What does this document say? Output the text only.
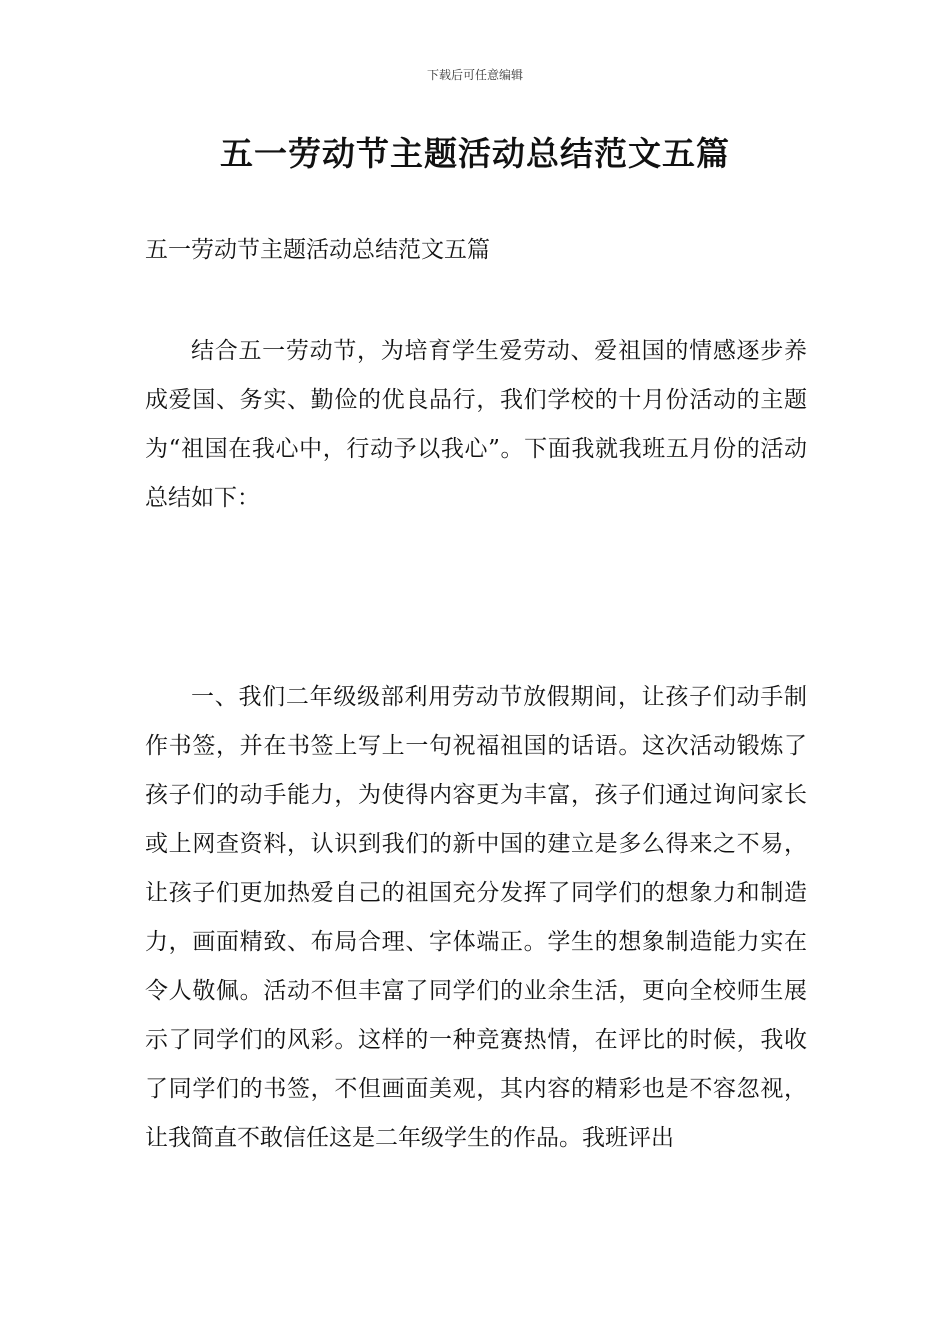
下载后可任意编辑
五一劳动节主题活动总结范文五篇

五一劳动节主题活动总结范文五篇

结合五一劳动节，为培育学生爱劳动、爱祖国的情感逐步养成爱国、务实、勤俭的优良品行，我们学校的十月份活动的主题为“祖国在我心中，行动予以我心”。下面我就我班五月份的活动总结如下：

一、我们二年级级部利用劳动节放假期间，让孩子们动手制作书签，并在书签上写上一句祝福祖国的话语。这次活动锻炼了孩子们的动手能力，为使得内容更为丰富，孩子们通过询问家长或上网查资料，认识到我们的新中国的建立是多么得来之不易，让孩子们更加热爱自己的祖国充分发挥了同学们的想象力和制造力，画面精致、布局合理、字体端正。学生的想象制造能力实在令人敬佩。活动不但丰富了同学们的业余生活，更向全校师生展示了同学们的风彩。这样的一种竞赛热情，在评比的时候，我收了同学们的书签，不但画面美观，其内容的精彩也是不容忽视，让我简直不敢信任这是二年级学生的作品。我班评出
